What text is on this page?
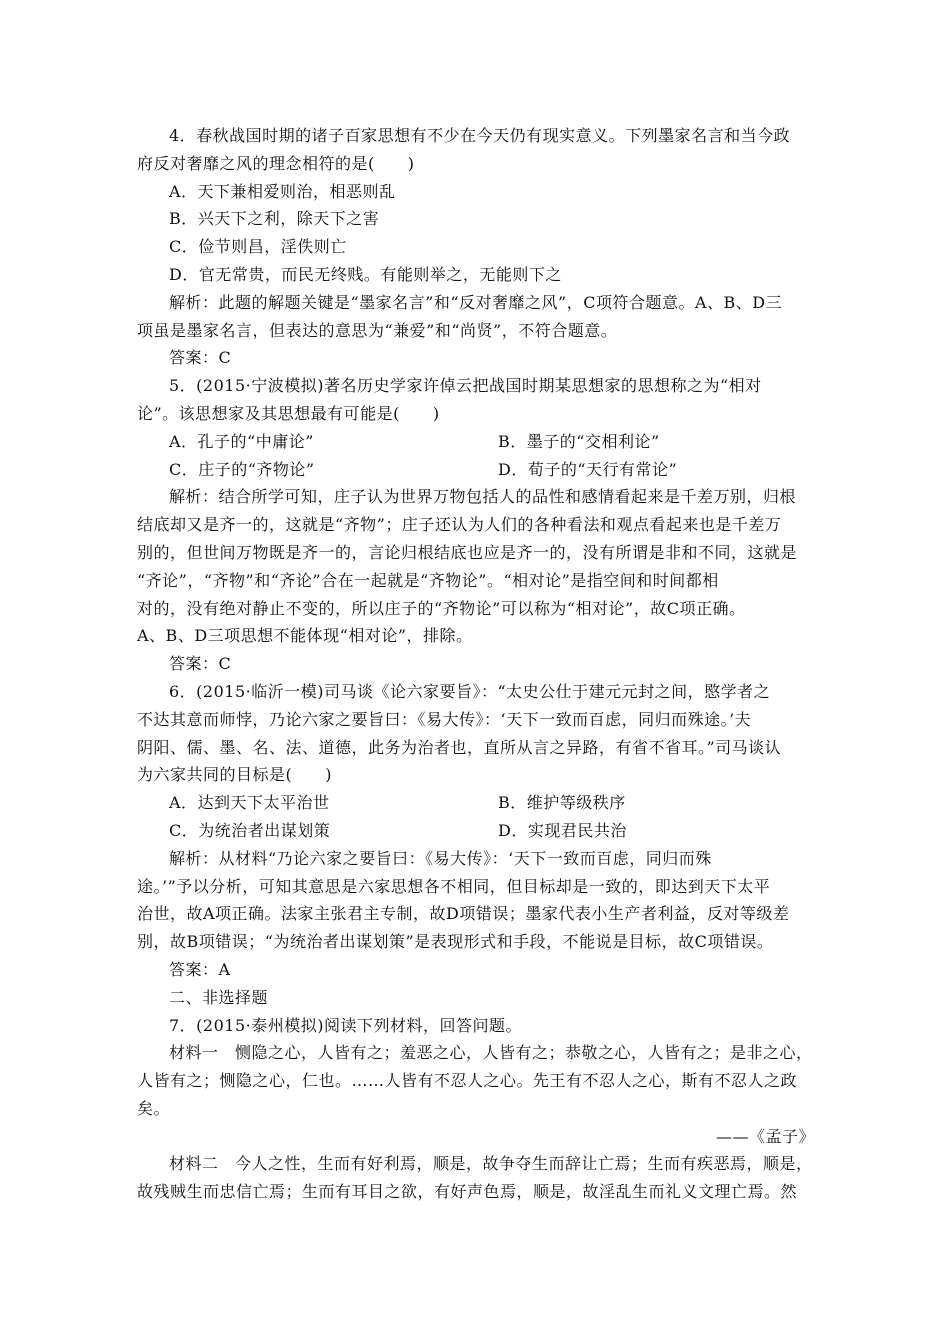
4．春秋战国时期的诸子百家思想有不少在今天仍有现实意义。下列墨家名言和当今政
府反对奢靡之风的理念相符的是(　　)
A．天下兼相爱则治，相恶则乱
B．兴天下之利，除天下之害
C．俭节则昌，淫佚则亡
D．官无常贵，而民无终贱。有能则举之，无能则下之
解析：此题的解题关键是“墨家名言”和“反对奢靡之风”，C项符合题意。A、B、D三
项虽是墨家名言，但表达的意思为“兼爱”和“尚贤”，不符合题意。
答案：C
5．(2015·宁波模拟)著名历史学家许倬云把战国时期某思想家的思想称之为“相对
论”。该思想家及其思想最有可能是(　　)
A．孔子的“中庸论”	B．墨子的“交相利论”
C．庄子的“齐物论”	D．荀子的“天行有常论”
解析：结合所学可知，庄子认为世界万物包括人的品性和感情看起来是千差万别，归根
结底却又是齐一的，这就是“齐物”；庄子还认为人们的各种看法和观点看起来也是千差万
别的，但世间万物既是齐一的，言论归根结底也应是齐一的，没有所谓是非和不同，这就是
“齐论”，“齐物”和“齐论”合在一起就是“齐物论”。“相对论”是指空间和时间都相
对的，没有绝对静止不变的，所以庄子的“齐物论”可以称为“相对论”，故C项正确。
A、B、D三项思想不能体现“相对论”，排除。
答案：C
6．(2015·临沂一模)司马谈《论六家要旨》：“太史公仕于建元元封之间，愍学者之
不达其意而师悖，乃论六家之要旨曰：《易大传》：‘天下一致而百虑，同归而殊途。’夫
阴阳、儒、墨、名、法、道德，此务为治者也，直所从言之异路，有省不省耳。”司马谈认
为六家共同的目标是(　　)
A．达到天下太平治世	B．维护等级秩序
C．为统治者出谋划策	D．实现君民共治
解析：从材料“乃论六家之要旨曰：《易大传》：‘天下一致而百虑，同归而殊
途。’”予以分析，可知其意思是六家思想各不相同，但目标却是一致的，即达到天下太平
治世，故A项正确。法家主张君主专制，故D项错误；墨家代表小生产者利益，反对等级差
别，故B项错误；“为统治者出谋划策”是表现形式和手段，不能说是目标，故C项错误。
答案：A
二、非选择题
7．(2015·泰州模拟)阅读下列材料，回答问题。
材料一　恻隐之心，人皆有之；羞恶之心，人皆有之；恭敬之心，人皆有之；是非之心，
人皆有之；恻隐之心，仁也。……人皆有不忍人之心。先王有不忍人之心，斯有不忍人之政
矣。
——《孟子》
材料二　今人之性，生而有好利焉，顺是，故争夺生而辞让亡焉；生而有疾恶焉，顺是，
故残贼生而忠信亡焉；生而有耳目之欲，有好声色焉，顺是，故淫乱生而礼义文理亡焉。然
